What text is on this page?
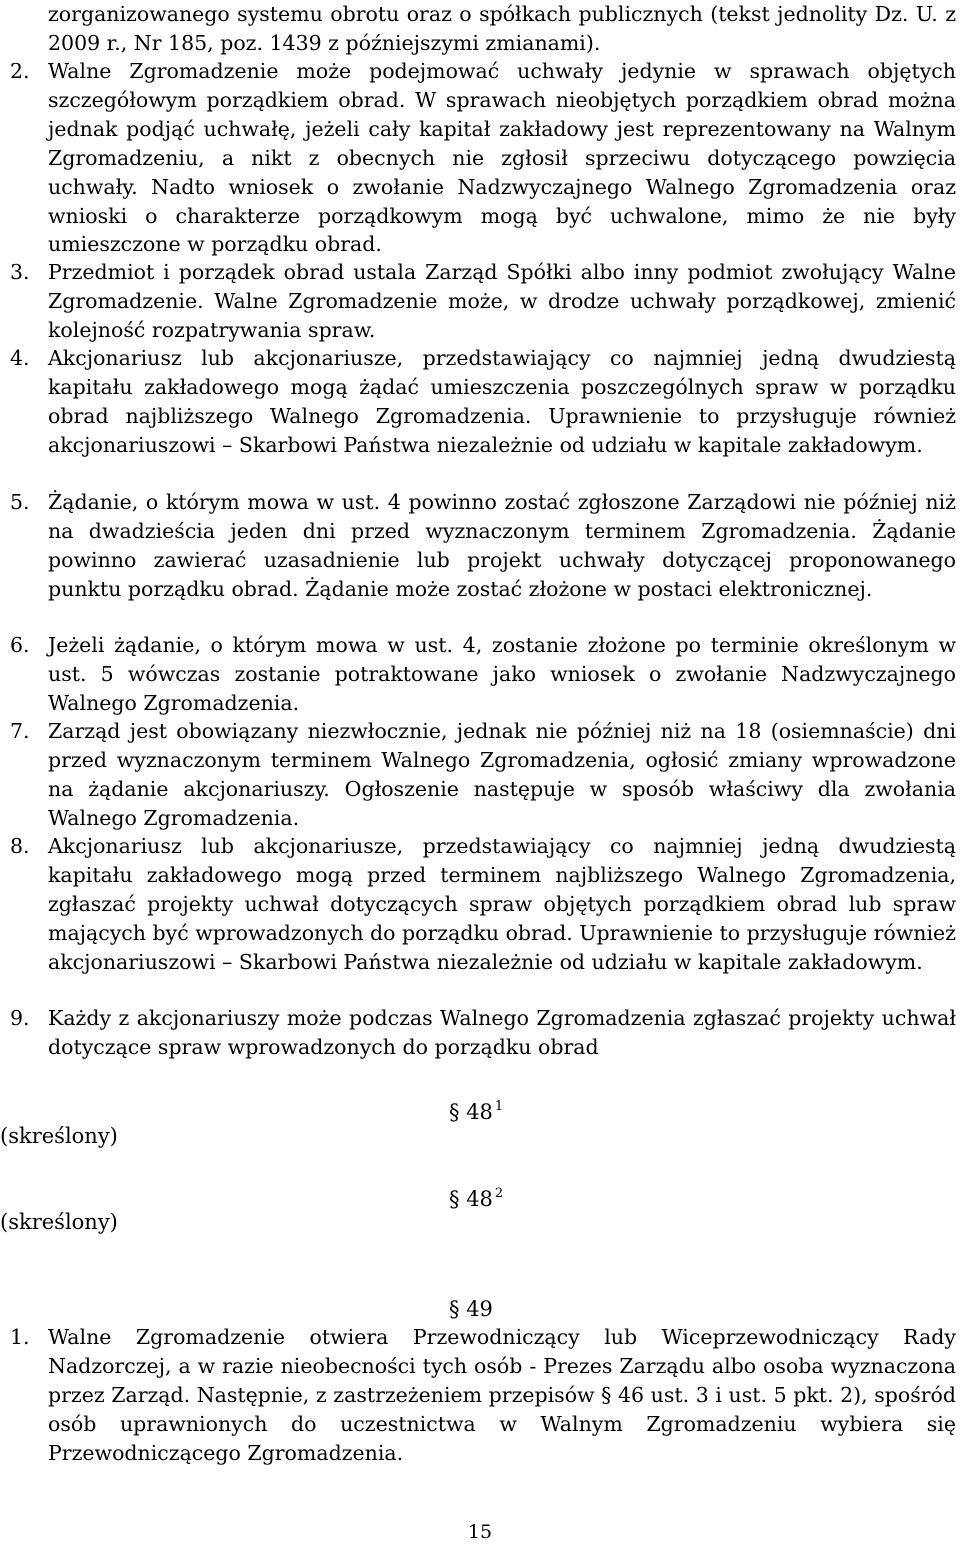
zorganizowanego systemu obrotu oraz o spółkach publicznych (tekst jednolity Dz. U. z 2009 r., Nr 185, poz. 1439 z późniejszymi zmianami).
2. Walne Zgromadzenie może podejmować uchwały jedynie w sprawach objętych szczegółowym porządkiem obrad. W sprawach nieobjętych porządkiem obrad można jednak podjąć uchwałę, jeżeli cały kapitał zakładowy jest reprezentowany na Walnym Zgromadzeniu, a nikt z obecnych nie zgłosił sprzeciwu dotyczącego powzięcia uchwały. Nadto wniosek o zwołanie Nadzwyczajnego Walnego Zgromadzenia oraz wnioski o charakterze porządkowym mogą być uchwalone, mimo że nie były umieszczone w porządku obrad.
3. Przedmiot i porządek obrad ustala Zarząd Spółki albo inny podmiot zwołujący Walne Zgromadzenie. Walne Zgromadzenie może, w drodze uchwały porządkowej, zmienić kolejność rozpatrywania spraw.
4. Akcjonariusz lub akcjonariusze, przedstawiający co najmniej jedną dwudziestą kapitału zakładowego mogą żądać umieszczenia poszczególnych spraw w porządku obrad najbliższego Walnego Zgromadzenia. Uprawnienie to przysługuje również akcjonariuszowi – Skarbowi Państwa niezależnie od udziału w kapitale zakładowym.
5. Żądanie, o którym mowa w ust. 4 powinno zostać zgłoszone Zarządowi nie później niż na dwadzieścia jeden dni przed wyznaczonym terminem Zgromadzenia. Żądanie powinno zawierać uzasadnienie lub projekt uchwały dotyczącej proponowanego punktu porządku obrad. Żądanie może zostać złożone w postaci elektronicznej.
6. Jeżeli żądanie, o którym mowa w ust. 4, zostanie złożone po terminie określonym w ust. 5 wówczas zostanie potraktowane jako wniosek o zwołanie Nadzwyczajnego Walnego Zgromadzenia.
7. Zarząd jest obowiązany niezwłocznie, jednak nie później niż na 18 (osiemnaście) dni przed wyznaczonym terminem Walnego Zgromadzenia, ogłosić zmiany wprowadzone na żądanie akcjonariuszy. Ogłoszenie następuje w sposób właściwy dla zwołania Walnego Zgromadzenia.
8. Akcjonariusz lub akcjonariusze, przedstawiający co najmniej jedną dwudziestą kapitału zakładowego mogą przed terminem najbliższego Walnego Zgromadzenia, zgłaszać projekty uchwał dotyczących spraw objętych porządkiem obrad lub spraw mających być wprowadzonych do porządku obrad. Uprawnienie to przysługuje również akcjonariuszowi – Skarbowi Państwa niezależnie od udziału w kapitale zakładowym.
9. Każdy z akcjonariuszy może podczas Walnego Zgromadzenia zgłaszać projekty uchwał dotyczące spraw wprowadzonych do porządku obrad
§ 48 $^1$
(skreślony)
§ 48 $^2$
(skreślony)
§ 49
1. Walne Zgromadzenie otwiera Przewodniczący lub Wiceprzewodniczący Rady Nadzorczej, a w razie nieobecności tych osób - Prezes Zarządu albo osoba wyznaczona przez Zarząd. Następnie, z zastrzeżeniem przepisów § 46 ust. 3 i ust. 5 pkt. 2), spośród osób uprawnionych do uczestnictwa w Walnym Zgromadzeniu wybiera się Przewodniczącego Zgromadzenia.
15
